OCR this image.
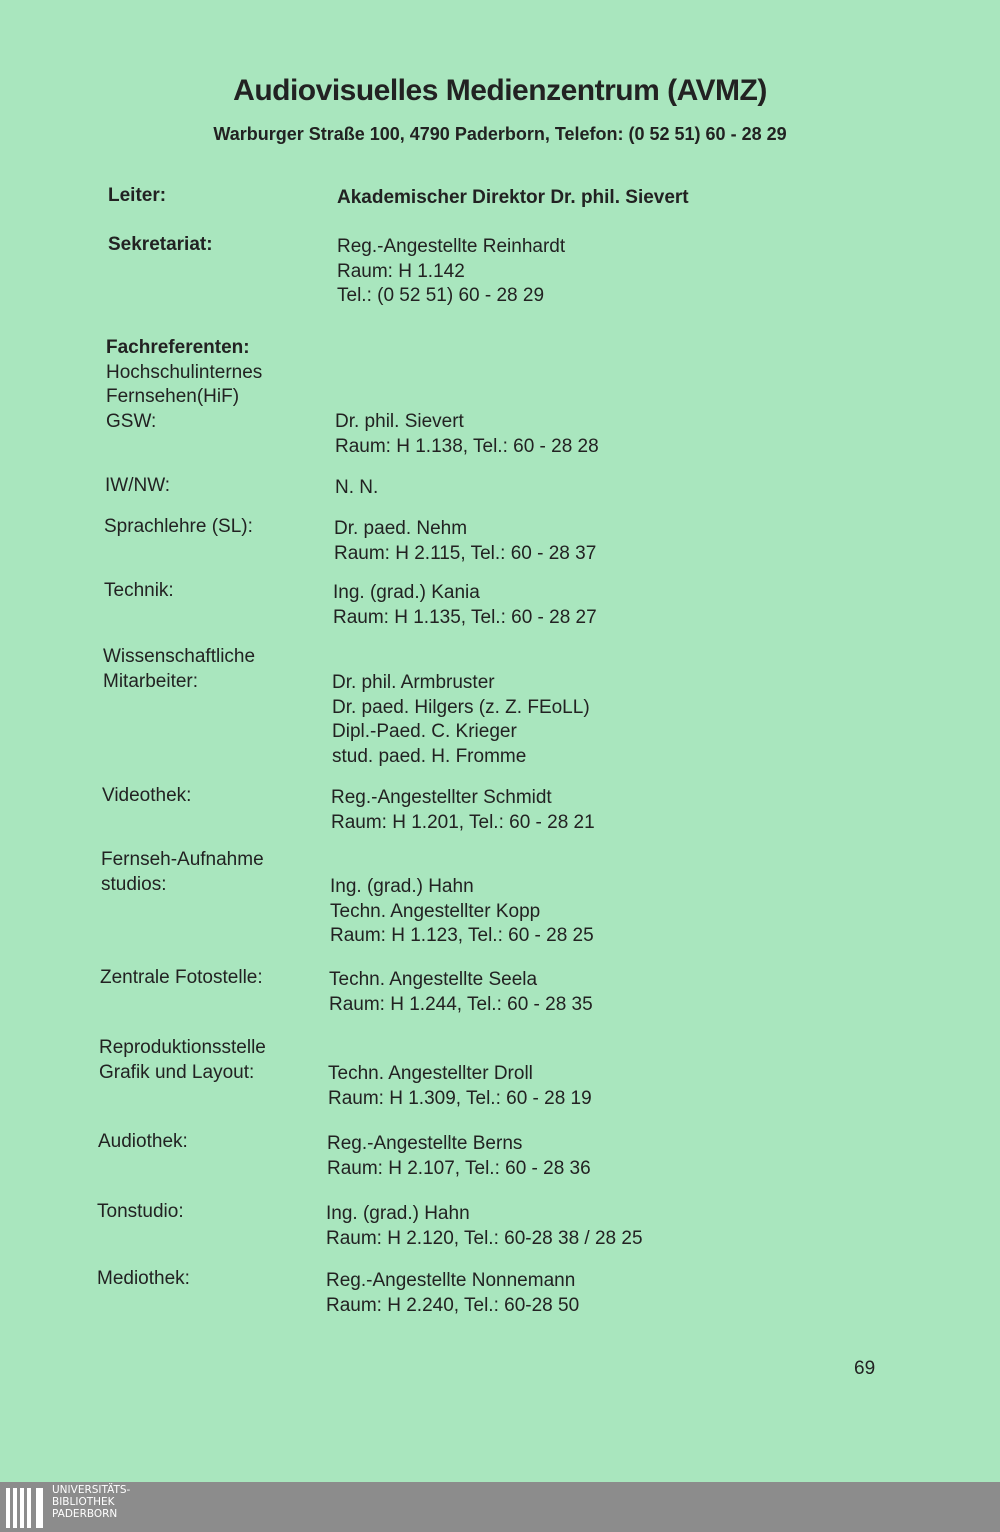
Audiovisuelles Medienzentrum (AVMZ)
Warburger Straße 100, 4790 Paderborn, Telefon: (0 52 51) 60 - 28 29
Leiter:	Akademischer Direktor Dr. phil. Sievert
Sekretariat:	Reg.-Angestellte Reinhardt
Raum: H 1.142
Tel.: (0 52 51) 60 - 28 29
Fachreferenten:
Hochschulinternes
Fernsehen(HiF)
GSW:	Dr. phil. Sievert
Raum: H 1.138, Tel.: 60 - 28 28
IW/NW:	N. N.
Sprachlehre (SL):	Dr. paed. Nehm
Raum: H 2.115, Tel.: 60 - 28 37
Technik:	Ing. (grad.) Kania
Raum: H 1.135, Tel.: 60 - 28 27
Wissenschaftliche
Mitarbeiter:	Dr. phil. Armbruster
Dr. paed. Hilgers (z. Z. FEoLL)
Dipl.-Paed. C. Krieger
stud. paed. H. Fromme
Videothek:	Reg.-Angestellter Schmidt
Raum: H 1.201, Tel.: 60 - 28 21
Fernseh-Aufnahme
studios:	Ing. (grad.) Hahn
Techn. Angestellter Kopp
Raum: H 1.123, Tel.: 60 - 28 25
Zentrale Fotostelle:	Techn. Angestellte Seela
Raum: H 1.244, Tel.: 60 - 28 35
Reproduktionsstelle
Grafik und Layout:	Techn. Angestellter Droll
Raum: H 1.309, Tel.: 60 - 28 19
Audiothek:	Reg.-Angestellte Berns
Raum: H 2.107, Tel.: 60 - 28 36
Tonstudio:	Ing. (grad.) Hahn
Raum: H 2.120, Tel.: 60-28 38 / 28 25
Mediothek:	Reg.-Angestellte Nonnemann
Raum: H 2.240, Tel.: 60-28 50
69
UNIVERSITÄTS-
BIBLIOTHEK
PADERBORN
